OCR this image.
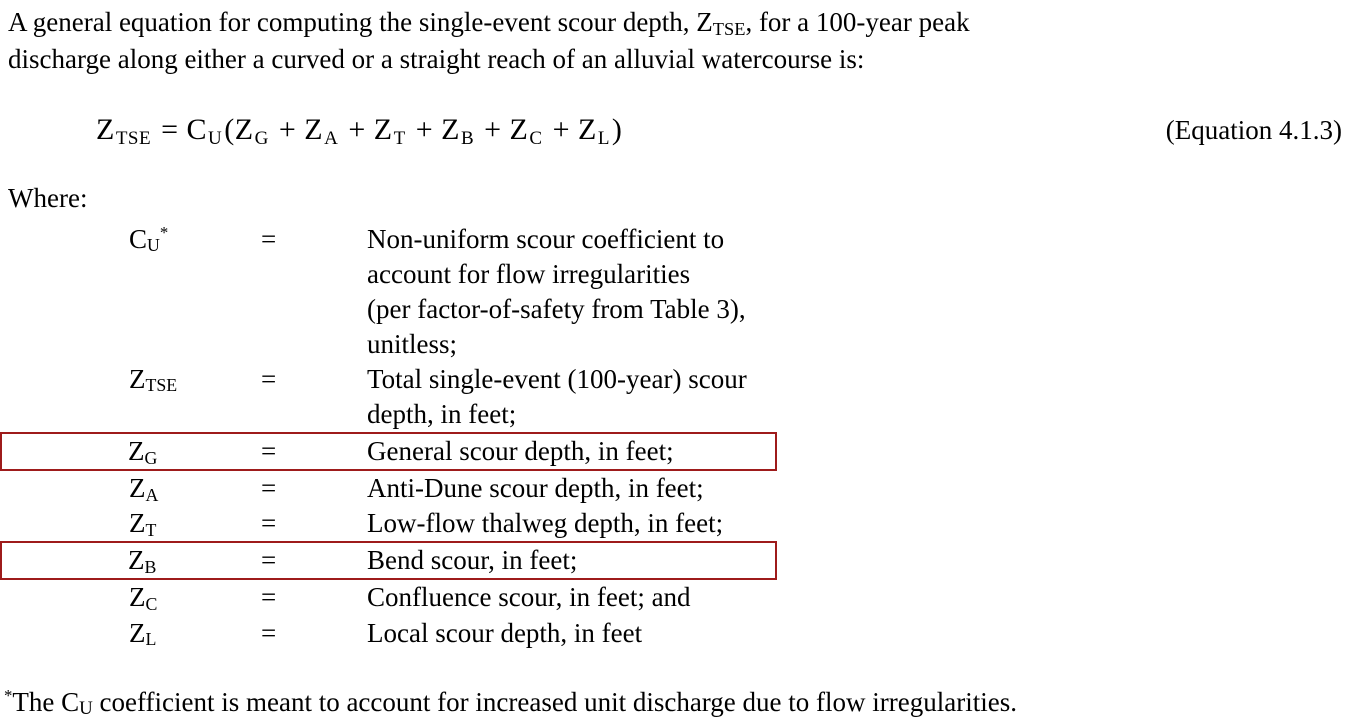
A general equation for computing the single-event scour depth, $Z_{TSE}$, for a 100-year peak
discharge along either a curved or a straight reach of an alluvial watercourse is:
ZTSE = CU(ZG + ZA + ZT + ZB + ZC + ZL)	(Equation 4.1.3)
Where:
CU*	=	Non-uniform scour coefficient to account for flow irregularities
(per factor-of-safety from Table 3), unitless;
ZTSE	=	Total single-event (100-year) scour depth, in feet;
ZG	=	General scour depth, in feet;
ZA	=	Anti-Dune scour depth, in feet;
ZT	=	Low-flow thalweg depth, in feet;
ZB	=	Bend scour, in feet;
ZC	=	Confluence scour, in feet; and
ZL	=	Local scour depth, in feet
*The CU coefficient is meant to account for increased unit discharge due to flow irregularities.
